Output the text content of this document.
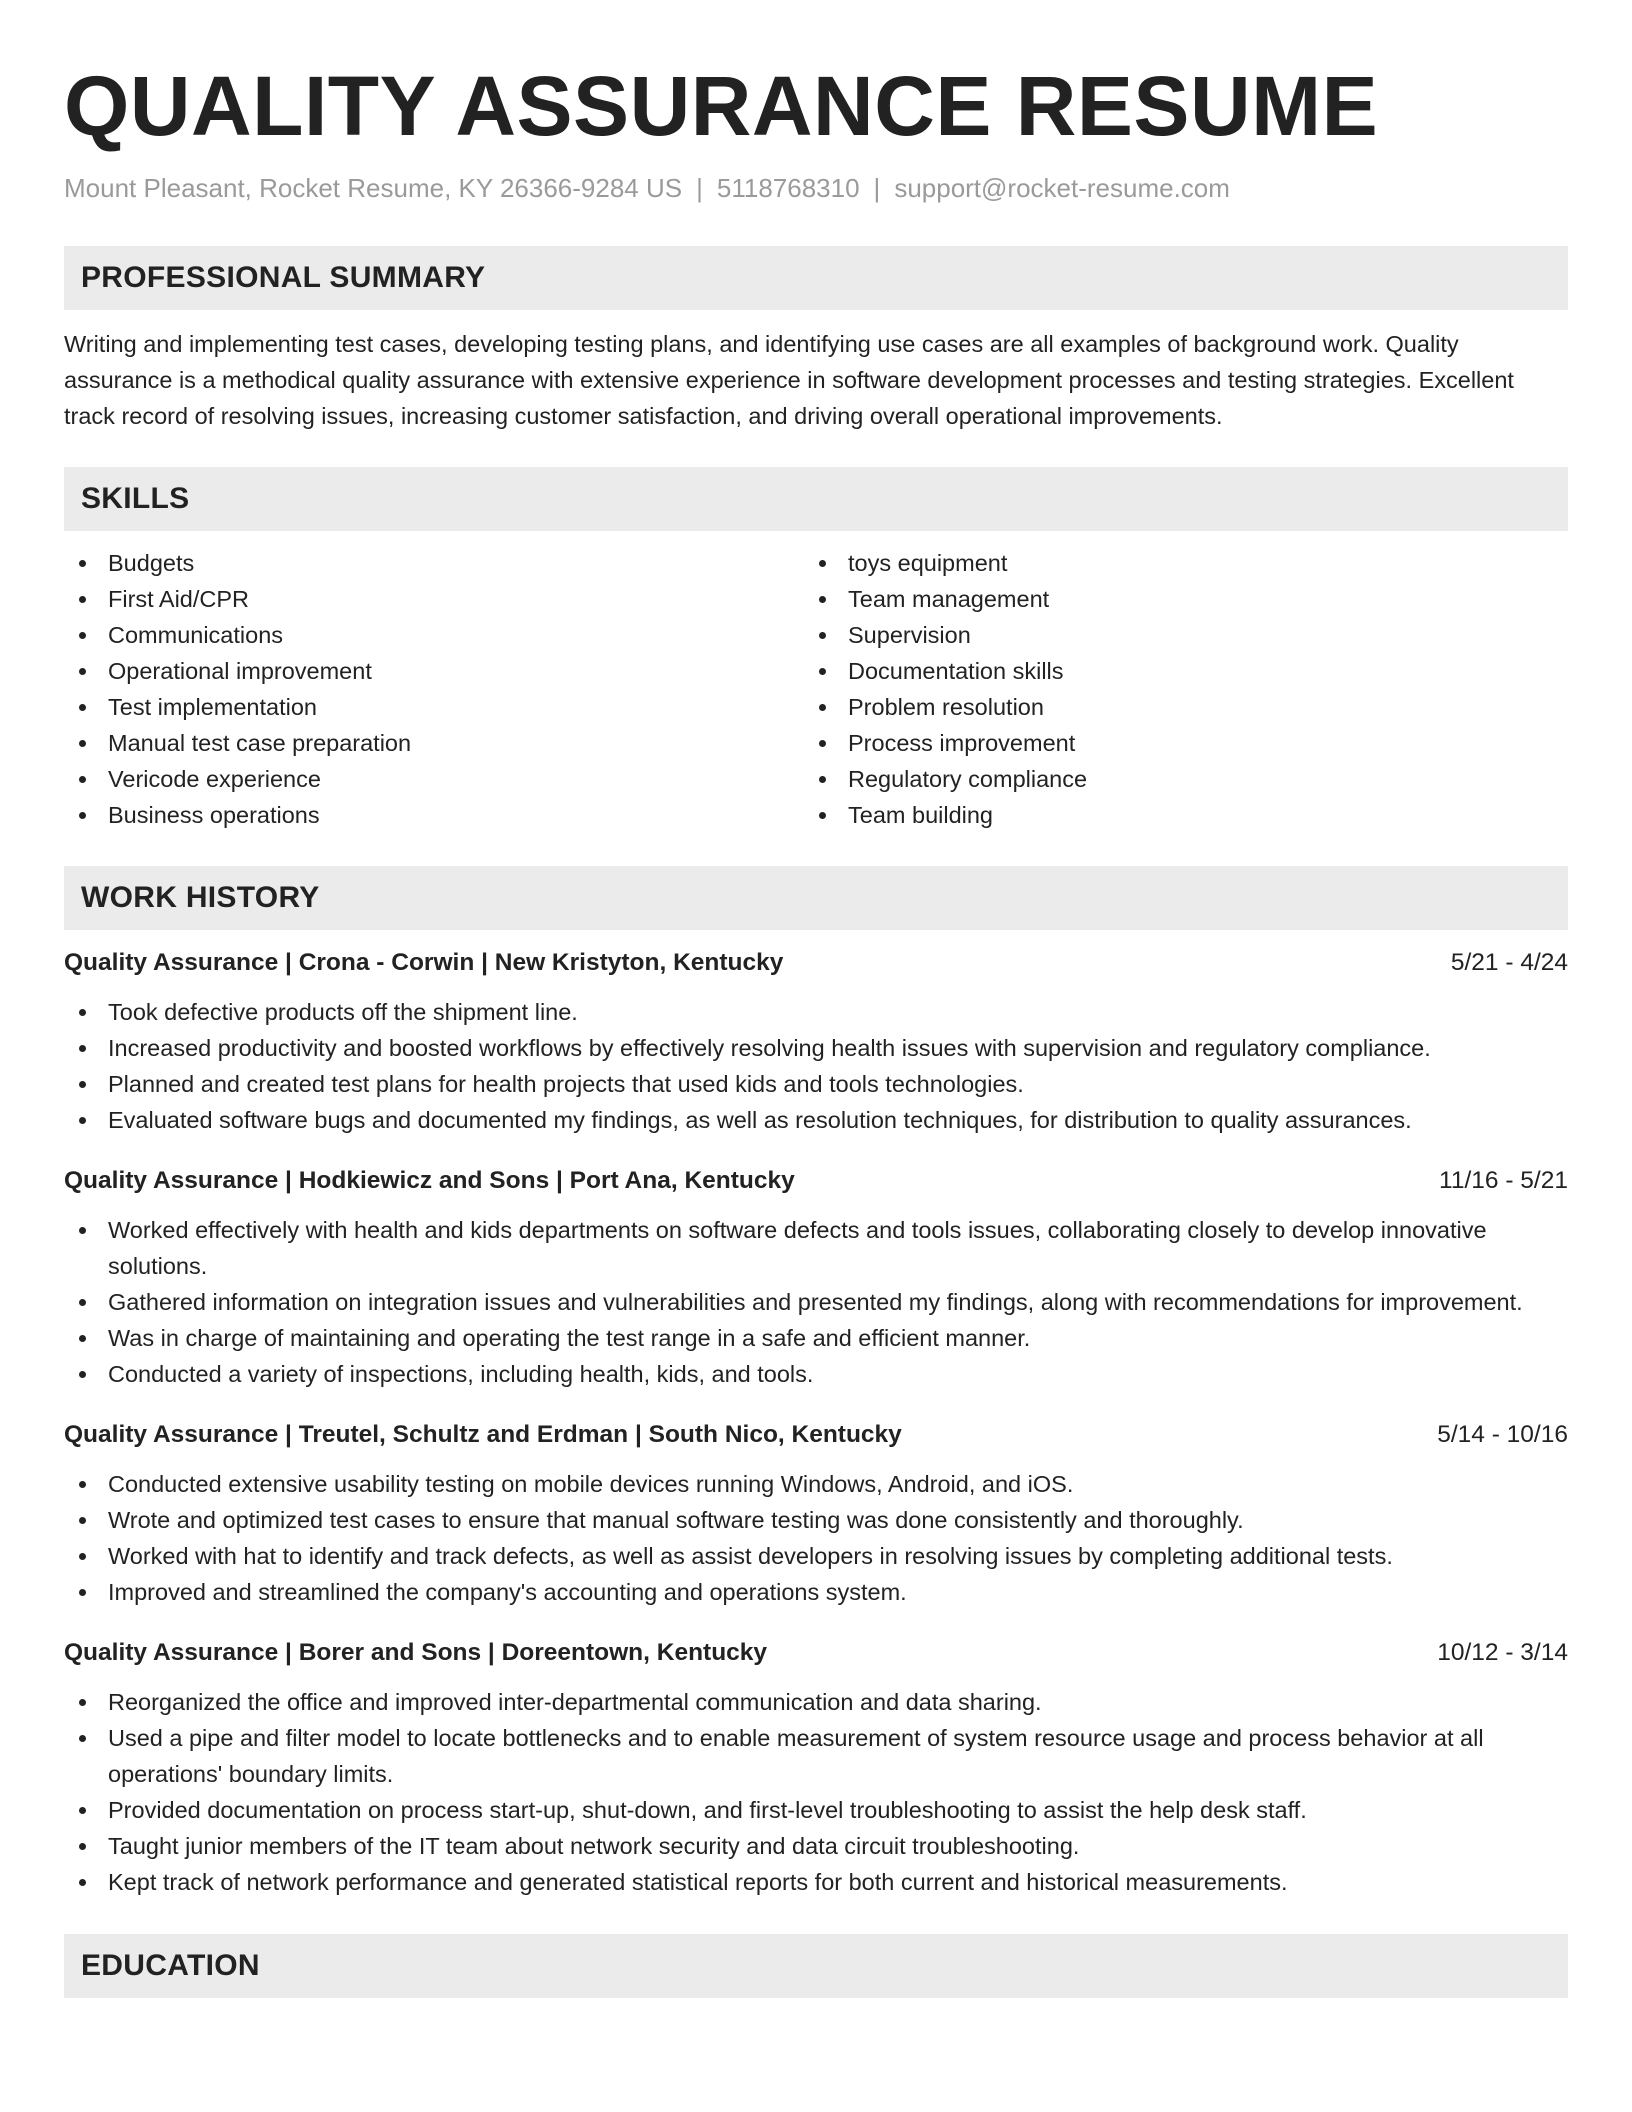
QUALITY ASSURANCE RESUME
Mount Pleasant, Rocket Resume, KY 26366-9284 US | 5118768310 | support@rocket-resume.com
PROFESSIONAL SUMMARY
Writing and implementing test cases, developing testing plans, and identifying use cases are all examples of background work. Quality assurance is a methodical quality assurance with extensive experience in software development processes and testing strategies. Excellent track record of resolving issues, increasing customer satisfaction, and driving overall operational improvements.
SKILLS
Budgets
First Aid/CPR
Communications
Operational improvement
Test implementation
Manual test case preparation
Vericode experience
Business operations
toys equipment
Team management
Supervision
Documentation skills
Problem resolution
Process improvement
Regulatory compliance
Team building
WORK HISTORY
Quality Assurance | Crona - Corwin | New Kristyton, Kentucky	5/21 - 4/24
Took defective products off the shipment line.
Increased productivity and boosted workflows by effectively resolving health issues with supervision and regulatory compliance.
Planned and created test plans for health projects that used kids and tools technologies.
Evaluated software bugs and documented my findings, as well as resolution techniques, for distribution to quality assurances.
Quality Assurance | Hodkiewicz and Sons | Port Ana, Kentucky	11/16 - 5/21
Worked effectively with health and kids departments on software defects and tools issues, collaborating closely to develop innovative solutions.
Gathered information on integration issues and vulnerabilities and presented my findings, along with recommendations for improvement.
Was in charge of maintaining and operating the test range in a safe and efficient manner.
Conducted a variety of inspections, including health, kids, and tools.
Quality Assurance | Treutel, Schultz and Erdman | South Nico, Kentucky	5/14 - 10/16
Conducted extensive usability testing on mobile devices running Windows, Android, and iOS.
Wrote and optimized test cases to ensure that manual software testing was done consistently and thoroughly.
Worked with hat to identify and track defects, as well as assist developers in resolving issues by completing additional tests.
Improved and streamlined the company's accounting and operations system.
Quality Assurance | Borer and Sons | Doreentown, Kentucky	10/12 - 3/14
Reorganized the office and improved inter-departmental communication and data sharing.
Used a pipe and filter model to locate bottlenecks and to enable measurement of system resource usage and process behavior at all operations' boundary limits.
Provided documentation on process start-up, shut-down, and first-level troubleshooting to assist the help desk staff.
Taught junior members of the IT team about network security and data circuit troubleshooting.
Kept track of network performance and generated statistical reports for both current and historical measurements.
EDUCATION
